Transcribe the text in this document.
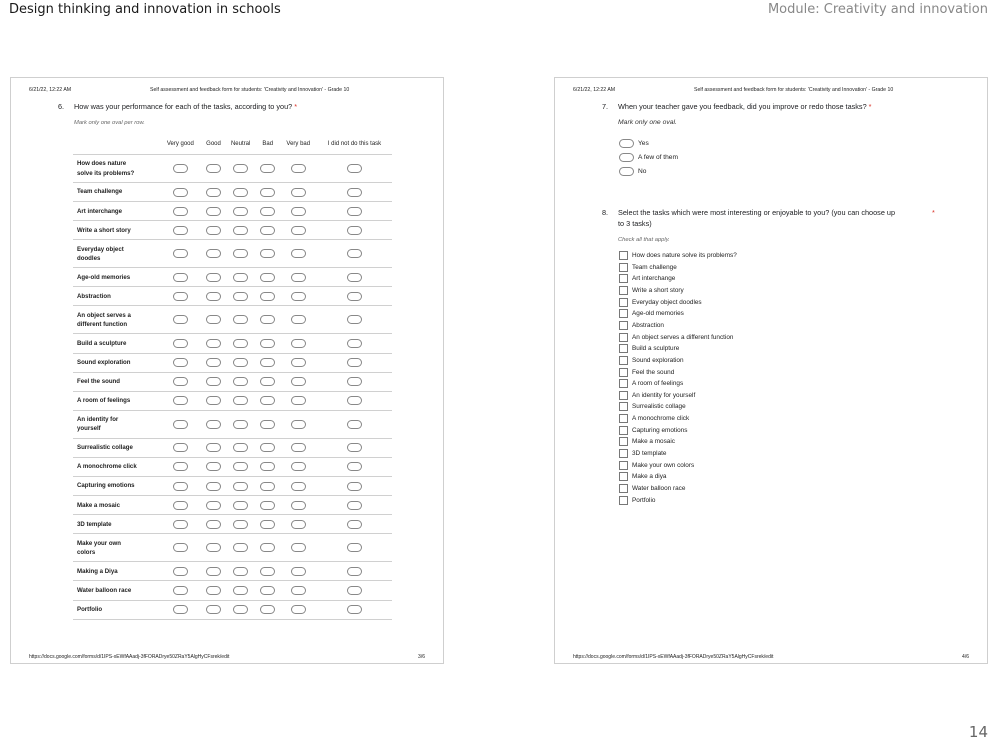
Design thinking and innovation in schools	Module: Creativity and innovation
14
6/21/22, 12:22 AM	Self assessment and feedback form for students: 'Creativity and Innovation' - Grade 10
6. How was your performance for each of the tasks, according to you? *
Mark only one oval per row.
	Very good	Good	Neutral	Bad	Very bad	I did not do this task
How does nature solve its problems?						
Team challenge						
Art interchange						
Write a short story						
Everyday object doodles						
Age-old memories						
Abstraction						
An object serves a different function						
Build a sculpture						
Sound exploration						
Feel the sound						
A room of feelings						
An identity for yourself						
Surrealistic collage						
A monochrome click						
Capturing emotions						
Make a mosaic						
3D template						
Make your own colors						
Making a Diya						
Water balloon race						
Portfolio						
https://docs.google.com/forms/d/1IPS-xEWfAAadj-3fFORADrye50ZRaY5AlgHyCFsrek/edit	3/6
6/21/22, 12:22 AM	Self assessment and feedback form for students: 'Creativity and Innovation' - Grade 10
7. When your teacher gave you feedback, did you improve or redo those tasks? *
Mark only one oval.
Yes
A few of them
No
8. Select the tasks which were most interesting or enjoyable to you? (you can choose up	*
to 3 tasks)
Check all that apply.
How does nature solve its problems?
Team challenge
Art interchange
Write a short story
Everyday object doodles
Age-old memories
Abstraction
An object serves a different function
Build a sculpture
Sound exploration
Feel the sound
A room of feelings
An identity for yourself
Surrealistic collage
A monochrome click
Capturing emotions
Make a mosaic
3D template
Make your own colors
Make a diya
Water balloon race
Portfolio
https://docs.google.com/forms/d/1IPS-xEWfAAadj-3fFORADrye50ZRaY5AlgHyCFsrek/edit	4/6
